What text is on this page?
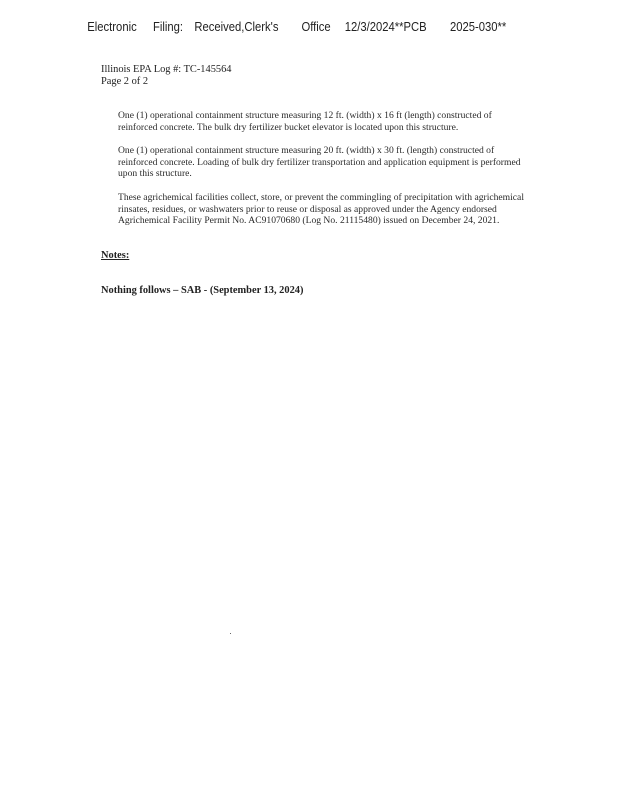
Electronic Filing: Received,Clerk's Office 12/3/2024**PCB 2025-030**
Illinois EPA Log #: TC-145564
Page 2 of 2
One (1) operational containment structure measuring 12 ft. (width) x 16 ft (length) constructed of reinforced concrete. The bulk dry fertilizer bucket elevator is located upon this structure.
One (1) operational containment structure measuring 20 ft. (width) x 30 ft. (length) constructed of reinforced concrete. Loading of bulk dry fertilizer transportation and application equipment is performed upon this structure.
These agrichemical facilities collect, store, or prevent the commingling of precipitation with agrichemical rinsates, residues, or washwaters prior to reuse or disposal as approved under the Agency endorsed Agrichemical Facility Permit No. AC91070680 (Log No. 21115480) issued on December 24, 2021.
Notes:
Nothing follows – SAB - (September 13, 2024)
